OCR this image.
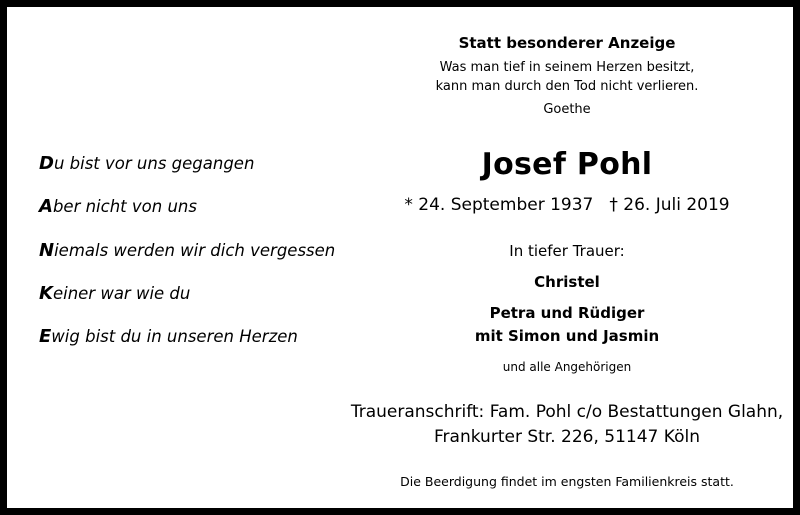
Du bist vor uns gegangen
Aber nicht von uns
Niemals werden wir dich vergessen
Keiner war wie du
Ewig bist du in unseren Herzen
Statt besonderer Anzeige
Was man tief in seinem Herzen besitzt,
kann man durch den Tod nicht verlieren.
Goethe
Josef Pohl
* 24. September 1937 † 26. Juli 2019
In tiefer Trauer:
Christel
Petra und Rüdiger
mit Simon und Jasmin
und alle Angehörigen
Traueranschrift: Fam. Pohl c/o Bestattungen Glahn,
Frankurter Str. 226, 51147 Köln
Die Beerdigung findet im engsten Familienkreis statt.
